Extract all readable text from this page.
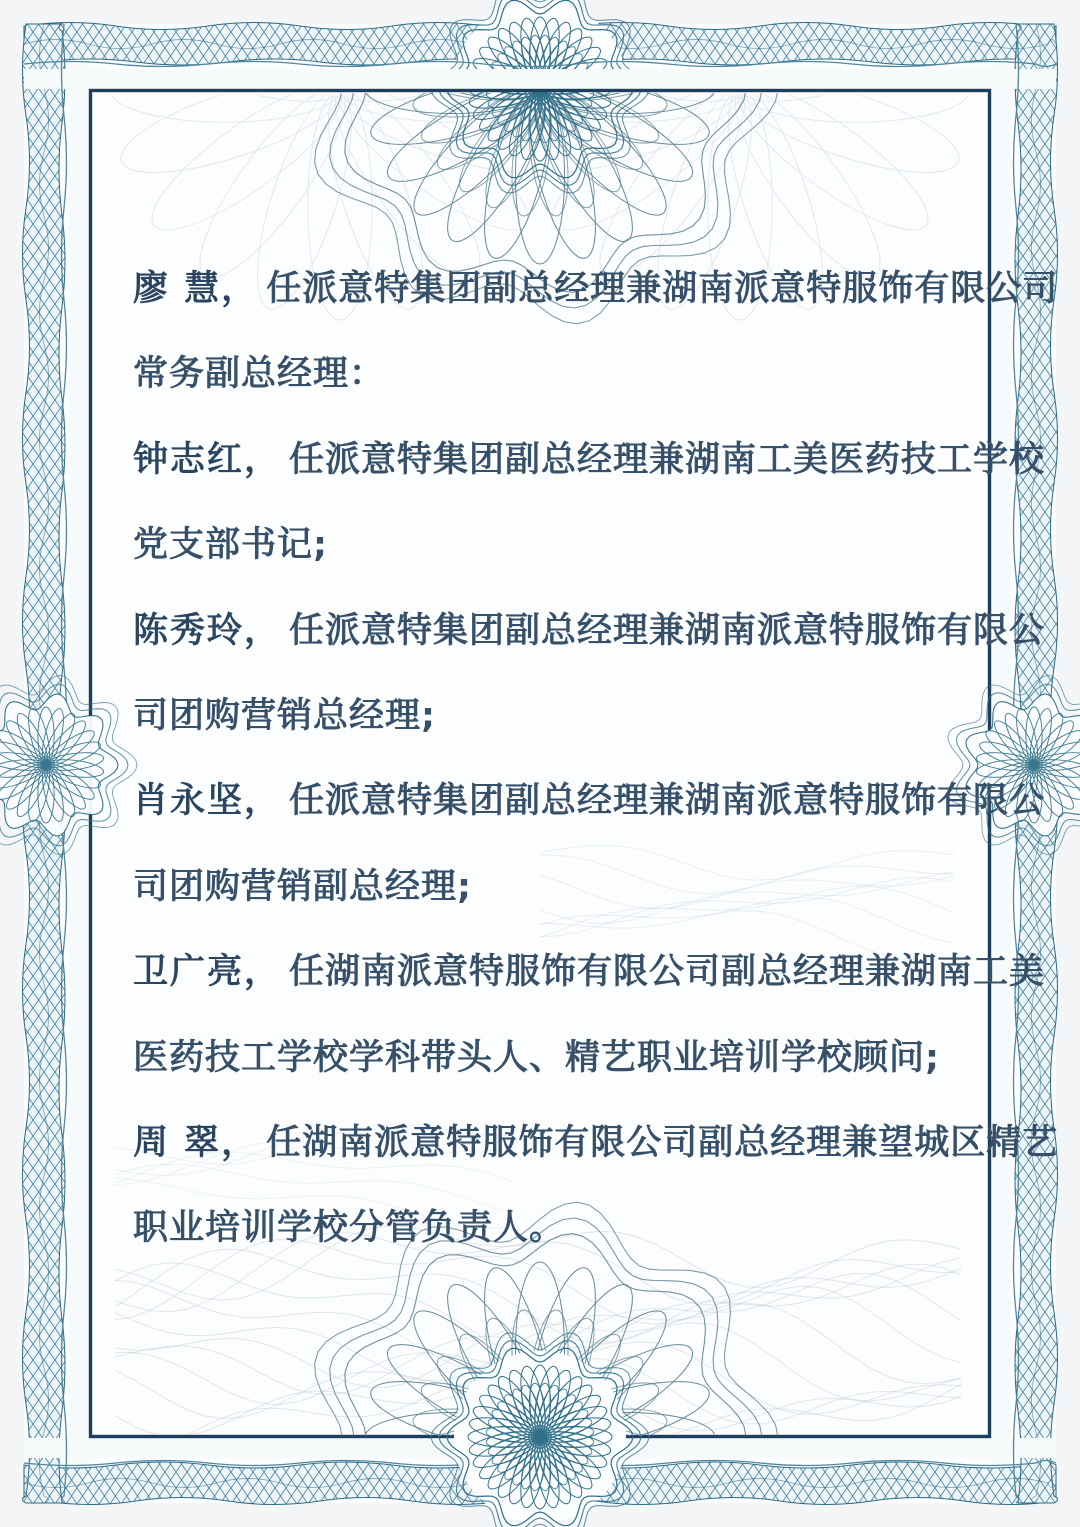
廖 慧， 任派意特集团副总经理兼湖南派意特服饰有限公司
常务副总经理：
钟志红， 任派意特集团副总经理兼湖南工美医药技工学校
党支部书记;
陈秀玲， 任派意特集团副总经理兼湖南派意特服饰有限公
司团购营销总经理;
肖永坚， 任派意特集团副总经理兼湖南派意特服饰有限公
司团购营销副总经理;
卫广亮， 任湖南派意特服饰有限公司副总经理兼湖南工美
医药技工学校学科带头人、精艺职业培训学校顾问;
周 翠， 任湖南派意特服饰有限公司副总经理兼望城区精艺
职业培训学校分管负责人。
